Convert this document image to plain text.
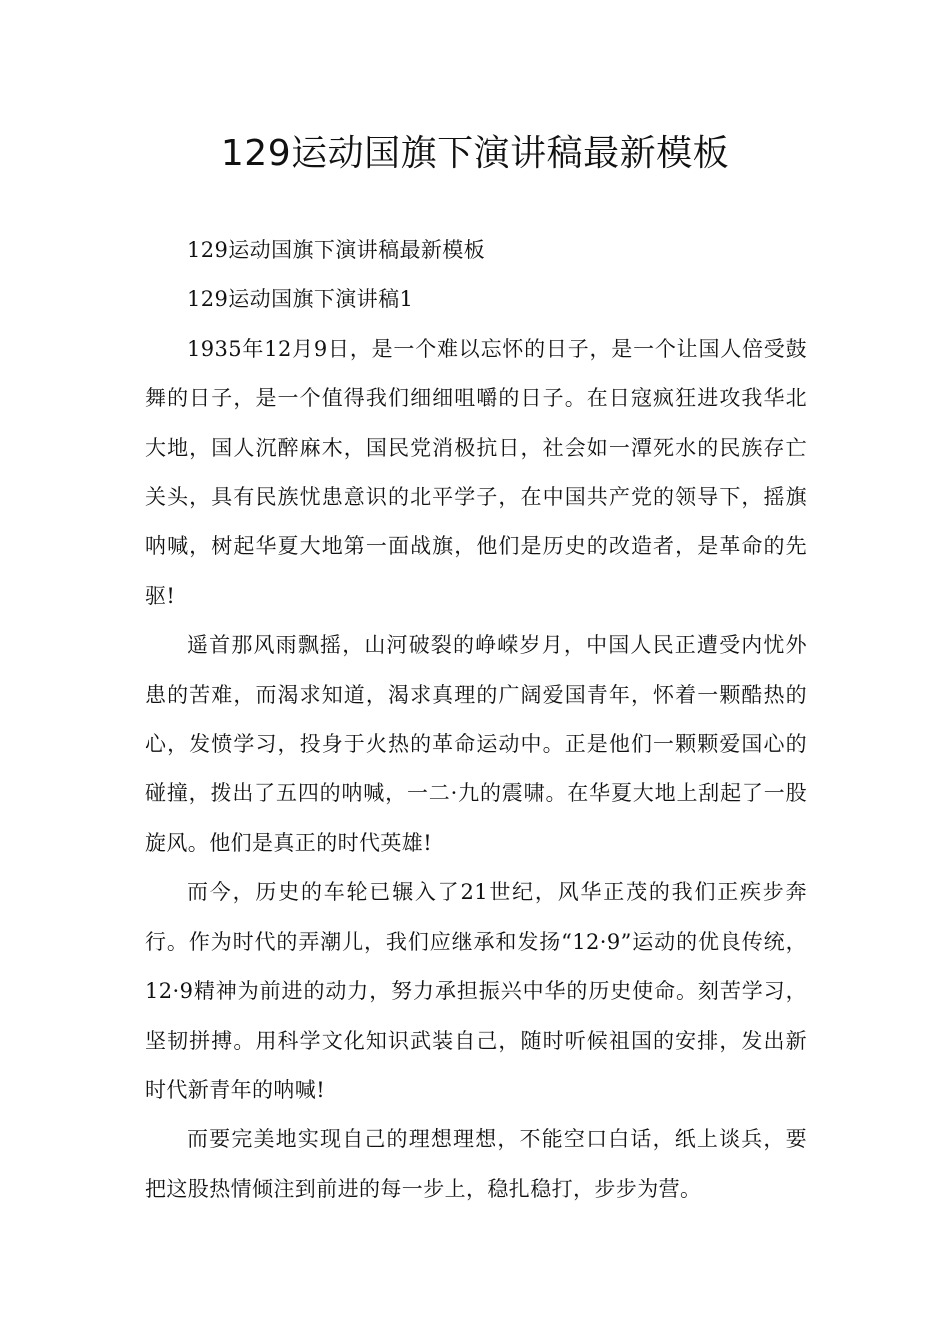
129运动国旗下演讲稿最新模板

129运动国旗下演讲稿最新模板

129运动国旗下演讲稿1

1935年12月9日，是一个难以忘怀的日子，是一个让国人倍受鼓舞的日子，是一个值得我们细细咀嚼的日子。在日寇疯狂进攻我华北大地，国人沉醉麻木，国民党消极抗日，社会如一潭死水的民族存亡关头，具有民族忧患意识的北平学子，在中国共产党的领导下，摇旗呐喊，树起华夏大地第一面战旗，他们是历史的改造者，是革命的先驱!

遥首那风雨飘摇，山河破裂的峥嵘岁月，中国人民正遭受内忧外患的苦难，而渴求知道，渴求真理的广阔爱国青年，怀着一颗酷热的心，发愤学习，投身于火热的革命运动中。正是他们一颗颗爱国心的碰撞，拨出了五四的呐喊，一二·九的震啸。在华夏大地上刮起了一股旋风。他们是真正的时代英雄!

而今，历史的车轮已辗入了21世纪，风华正茂的我们正疾步奔行。作为时代的弄潮儿，我们应继承和发扬“12·9”运动的优良传统，12·9精神为前进的动力，努力承担振兴中华的历史使命。刻苦学习，坚韧拼搏。用科学文化知识武装自己，随时听候祖国的安排，发出新时代新青年的呐喊!

而要完美地实现自己的理想理想，不能空口白话，纸上谈兵，要把这股热情倾注到前进的每一步上，稳扎稳打，步步为营。
